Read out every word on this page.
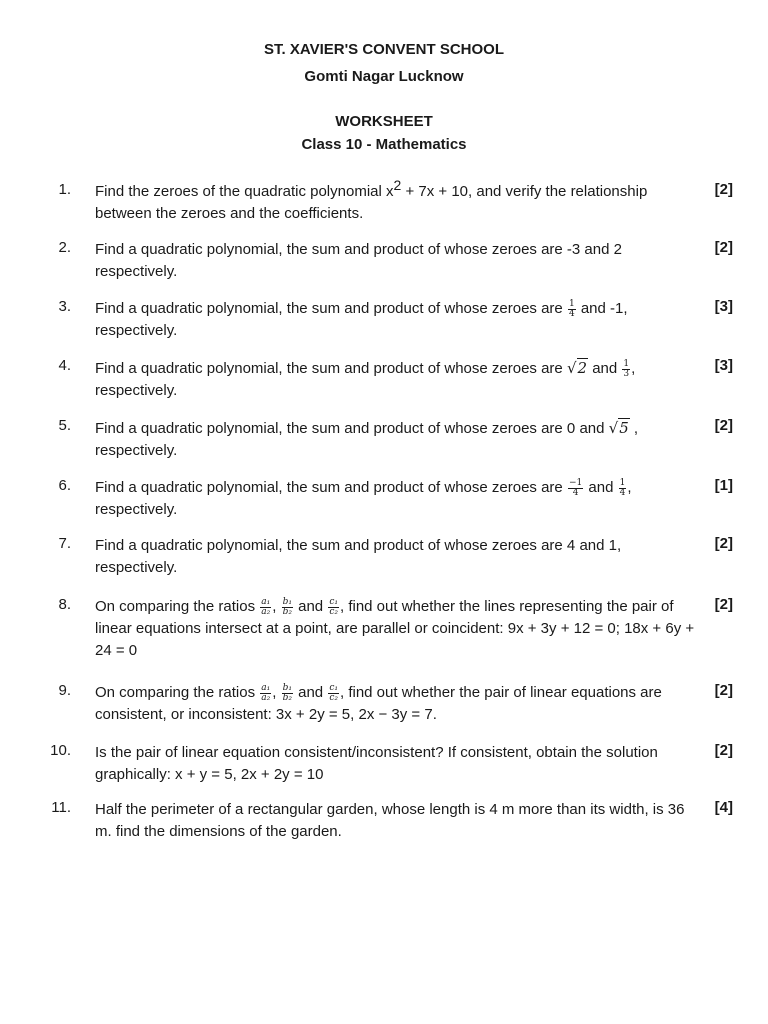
ST. XAVIER'S CONVENT SCHOOL
Gomti Nagar Lucknow
WORKSHEET
Class 10 - Mathematics
1. Find the zeroes of the quadratic polynomial $x^2 + 7x + 10$, and verify the relationship between the zeroes and the coefficients.
[2]
2. Find a quadratic polynomial, the sum and product of whose zeroes are -3 and 2 respectively.
[2]
3. Find a quadratic polynomial, the sum and product of whose zeroes are $\frac{1}{4}$ and -1, respectively.
[3]
4. Find a quadratic polynomial, the sum and product of whose zeroes are √2 and $\frac{1}{3}$ , respectively.
[3]
5. Find a quadratic polynomial, the sum and product of whose zeroes are 0 and √5 , respectively.
[2]
6. Find a quadratic polynomial, the sum and product of whose zeroes are $\frac{-1}{4}$ and $\frac{1}{4}$ , respectively.
[1]
7. Find a quadratic polynomial, the sum and product of whose zeroes are 4 and 1, respectively.
[2]
8. On comparing the ratios $\frac{\text{a₁}}{\text{a₂}}$ , $\frac{\text{b₁}}{\text{b₂}}$ and $\frac{\text{c₁}}{\text{c₂}}$ , find out whether the lines representing the pair of linear equations intersect at a point, are parallel or coincident: 9x + 3y + 12 = 0; 18x + 6y + 24 = 0
[2]
9. On comparing the ratios $\frac{\text{a₁}}{\text{a₂}}$ , $\frac{\text{b₁}}{\text{b₂}}$ and $\frac{\text{c₁}}{\text{c₂}}$ , find out whether the pair of linear equations are consistent, or inconsistent: 3x + 2y = 5, 2x − 3y = 7.
[2]
10. Is the pair of linear equation consistent/inconsistent? If consistent, obtain the solution graphically: x + y = 5, 2x + 2y = 10
[2]
11. Half the perimeter of a rectangular garden, whose length is 4 m more than its width, is 36 m. find the dimensions of the garden.
[4]
